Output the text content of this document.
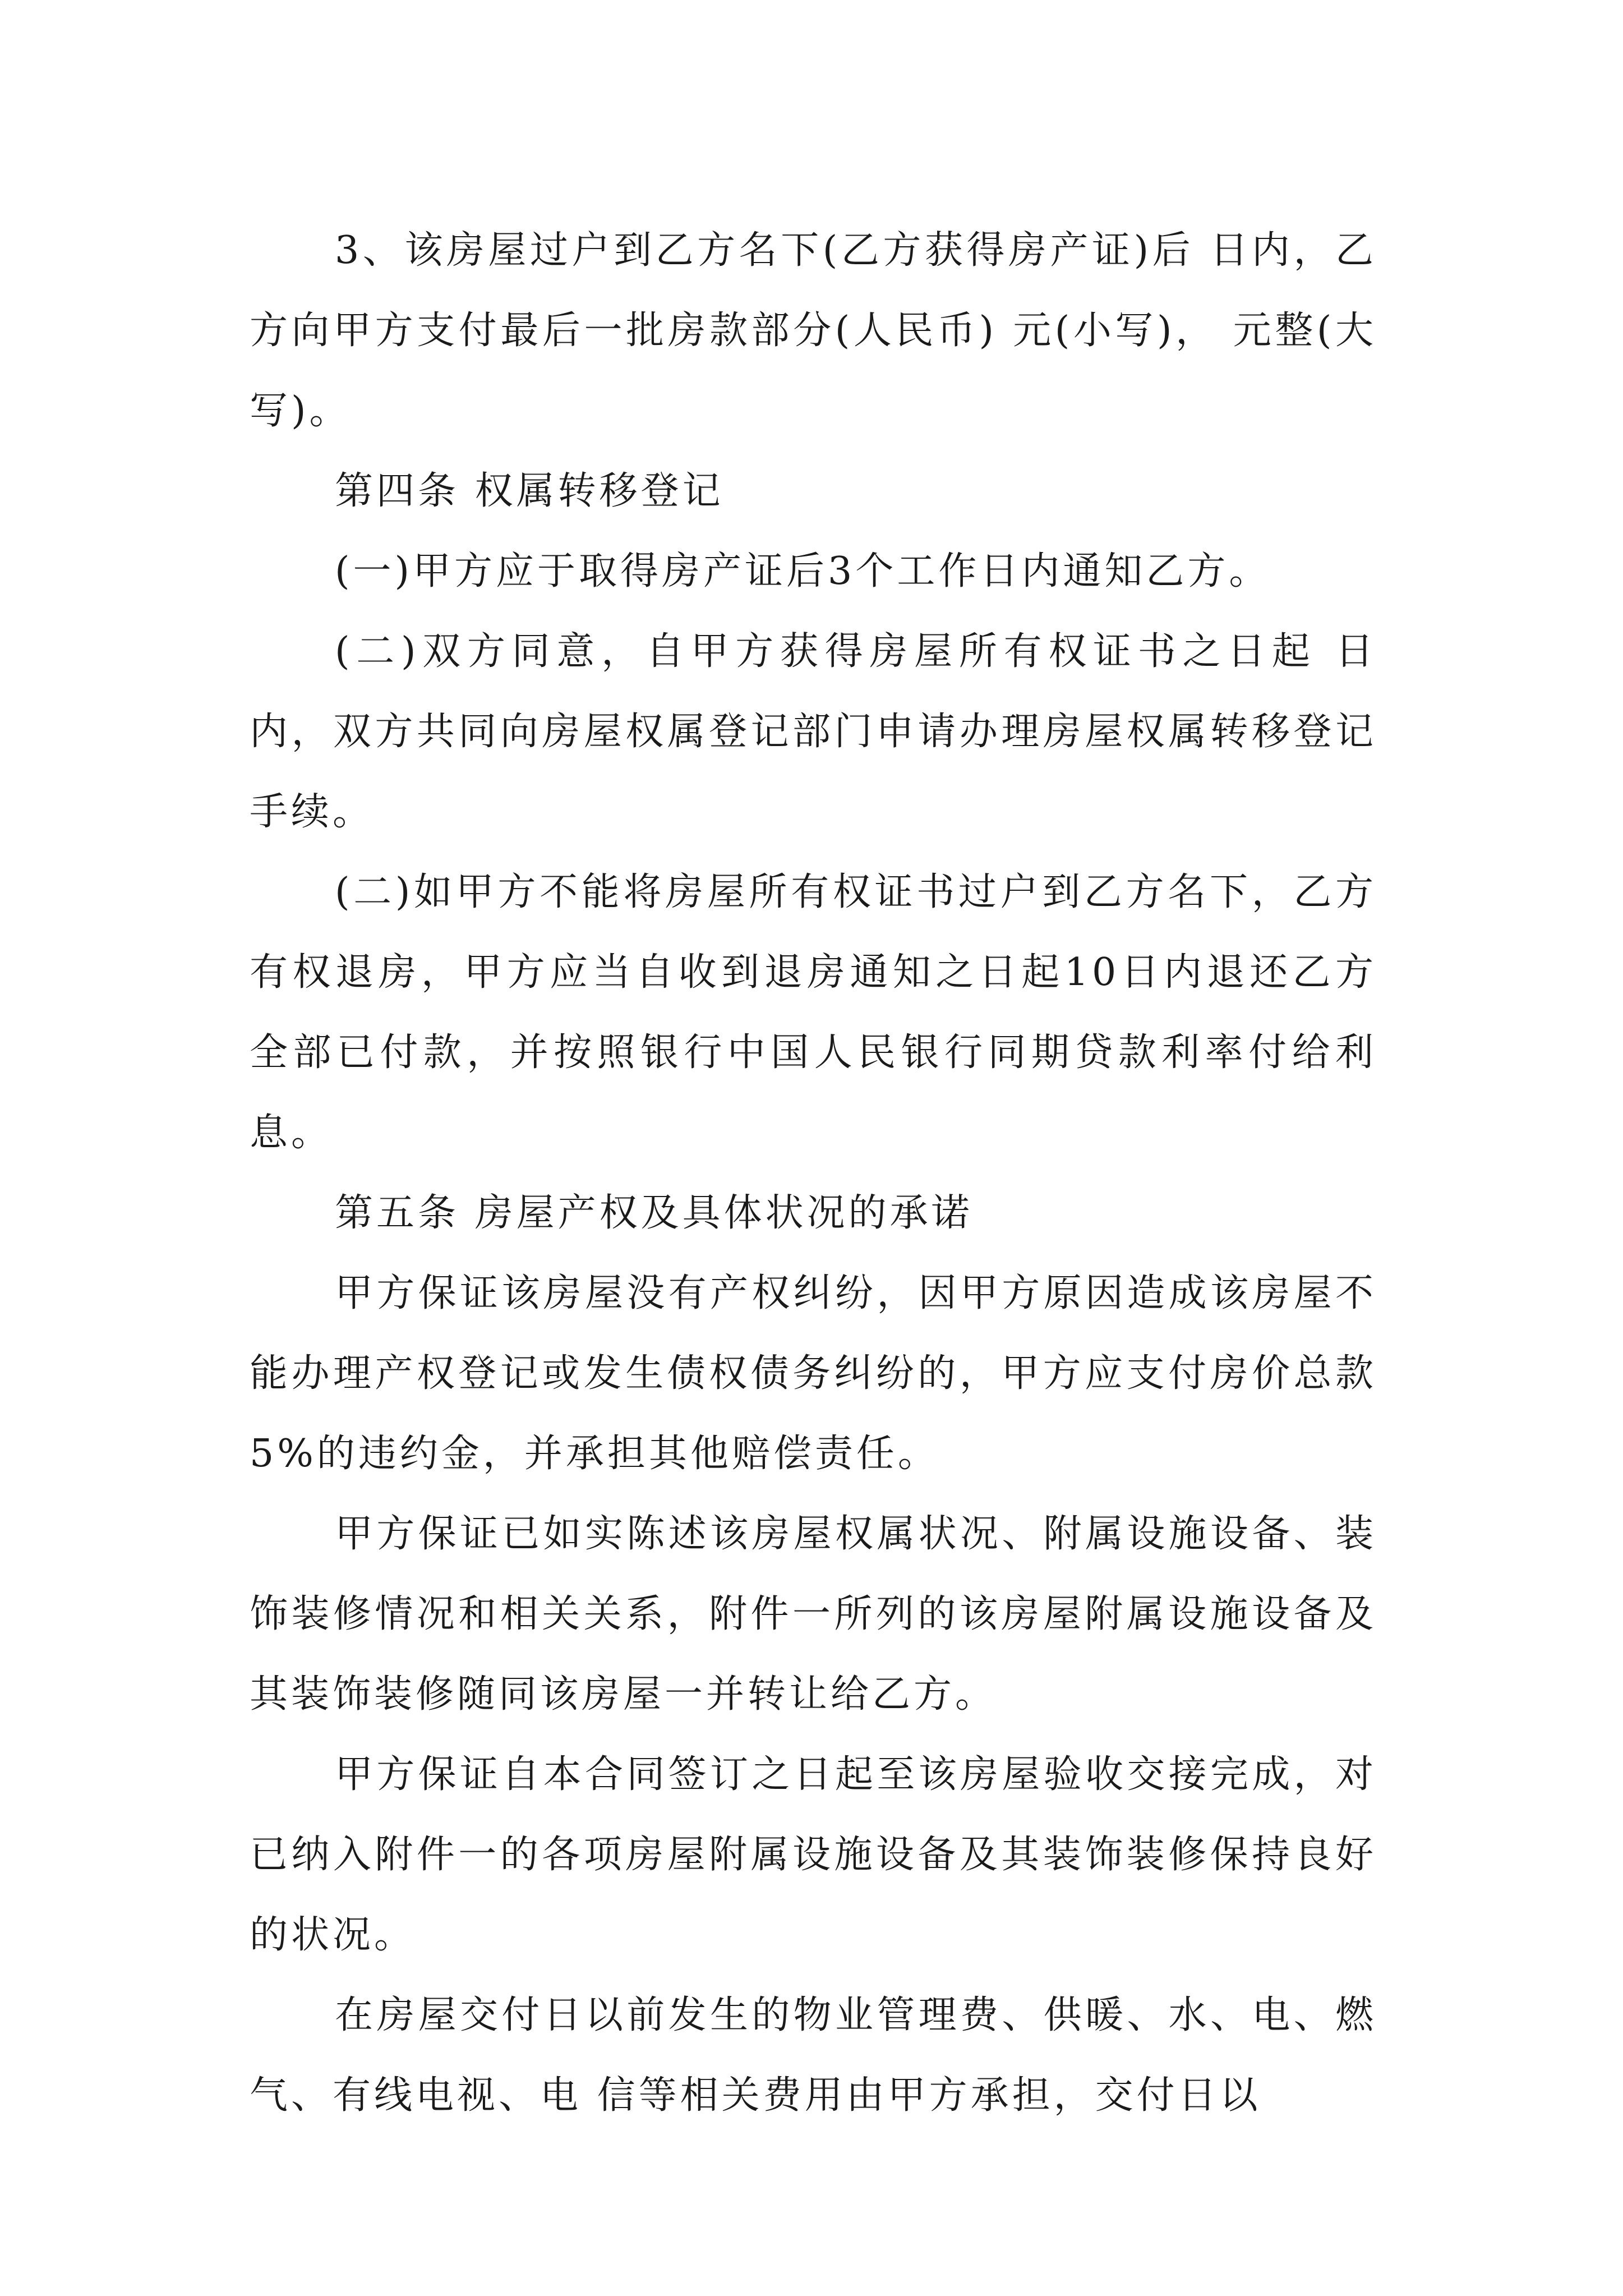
3、该房屋过户到乙方名下(乙方获得房产证)后 日内，乙方向甲方支付最后一批房款部分(人民币) 元(小写)， 元整(大写)。

第四条 权属转移登记

(一)甲方应于取得房产证后3个工作日内通知乙方。

(二)双方同意，自甲方获得房屋所有权证书之日起 日内，双方共同向房屋权属登记部门申请办理房屋权属转移登记手续。

(二)如甲方不能将房屋所有权证书过户到乙方名下，乙方有权退房，甲方应当自收到退房通知之日起10日内退还乙方全部已付款，并按照银行中国人民银行同期贷款利率付给利息。

第五条 房屋产权及具体状况的承诺

甲方保证该房屋没有产权纠纷，因甲方原因造成该房屋不能办理产权登记或发生债权债务纠纷的，甲方应支付房价总款5%的违约金，并承担其他赔偿责任。

甲方保证已如实陈述该房屋权属状况、附属设施设备、装饰装修情况和相关关系，附件一所列的该房屋附属设施设备及其装饰装修随同该房屋一并转让给乙方。

甲方保证自本合同签订之日起至该房屋验收交接完成，对已纳入附件一的各项房屋附属设施设备及其装饰装修保持良好的状况。

在房屋交付日以前发生的物业管理费、供暖、水、电、燃气、有线电视、电 信等相关费用由甲方承担，交付日以
